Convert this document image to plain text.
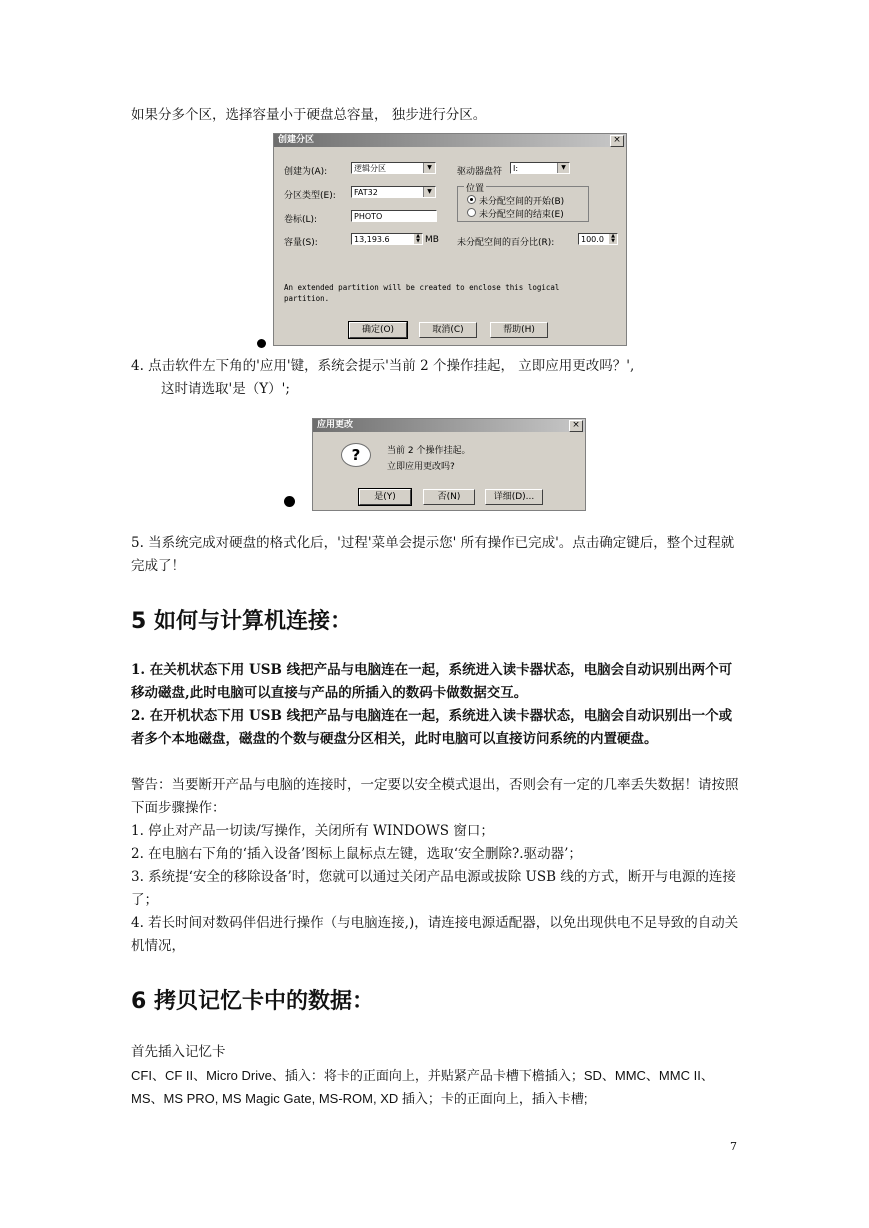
如果分多个区，选择容量小于硬盘总容量， 独步进行分区。
创建分区	×
创建为(A):	逻辑分区	▼	驱动器盘符	I:	▼
分区类型(E):	FAT32	▼	位置
未分配空间的开始(B)
未分配空间的结束(E)
卷标(L):	PHOTO
容量(S):	13,193.6	▲
▼ MB 未分配空间的百分比(R):	100.0	▲
▼
An extended partition will be created to enclose this logical partition.
确定(O)	取消(C)	帮助(H)
4. 点击软件左下角的'应用'键，系统会提示'当前 2 个操作挂起， 立即应用更改吗？',
这时请选取'是（Y）';
应用更改	×
?	当前 2 个操作挂起。
立即应用更改吗?
是(Y)	否(N)	详细(D)...
5. 当系统完成对硬盘的格式化后，'过程'菜单会提示您' 所有操作已完成'。点击确定键后，整个过程就完成了！
5 如何与计算机连接：
1. 在关机状态下用 USB 线把产品与电脑连在一起，系统进入读卡器状态，电脑会自动识别出两个可移动磁盘,此时电脑可以直接与产品的所插入的数码卡做数据交互。
2. 在开机状态下用 USB 线把产品与电脑连在一起，系统进入读卡器状态，电脑会自动识别出一个或者多个本地磁盘，磁盘的个数与硬盘分区相关，此时电脑可以直接访问系统的内置硬盘。
警告：当要断开产品与电脑的连接时，一定要以安全模式退出，否则会有一定的几率丢失数据！请按照下面步骤操作：
1. 停止对产品一切读/写操作，关闭所有 WINDOWS 窗口；
2. 在电脑右下角的‘插入设备’图标上鼠标点左键，选取‘安全删除?.驱动器’；
3. 系统提‘安全的移除设备’时，您就可以通过关闭产品电源或拔除 USB 线的方式，断开与电源的连接了；
4. 若长时间对数码伴侣进行操作（与电脑连接,)，请连接电源适配器，以免出现供电不足导致的自动关机情况，
6 拷贝记忆卡中的数据：
首先插入记忆卡
CFI、CF II、Micro Drive、插入：将卡的正面向上，并贴紧产品卡槽下檐插入；SD、MMC、MMC II、 MS、MS PRO, MS Magic Gate, MS-ROM, XD 插入；卡的正面向上，插入卡槽;
7
